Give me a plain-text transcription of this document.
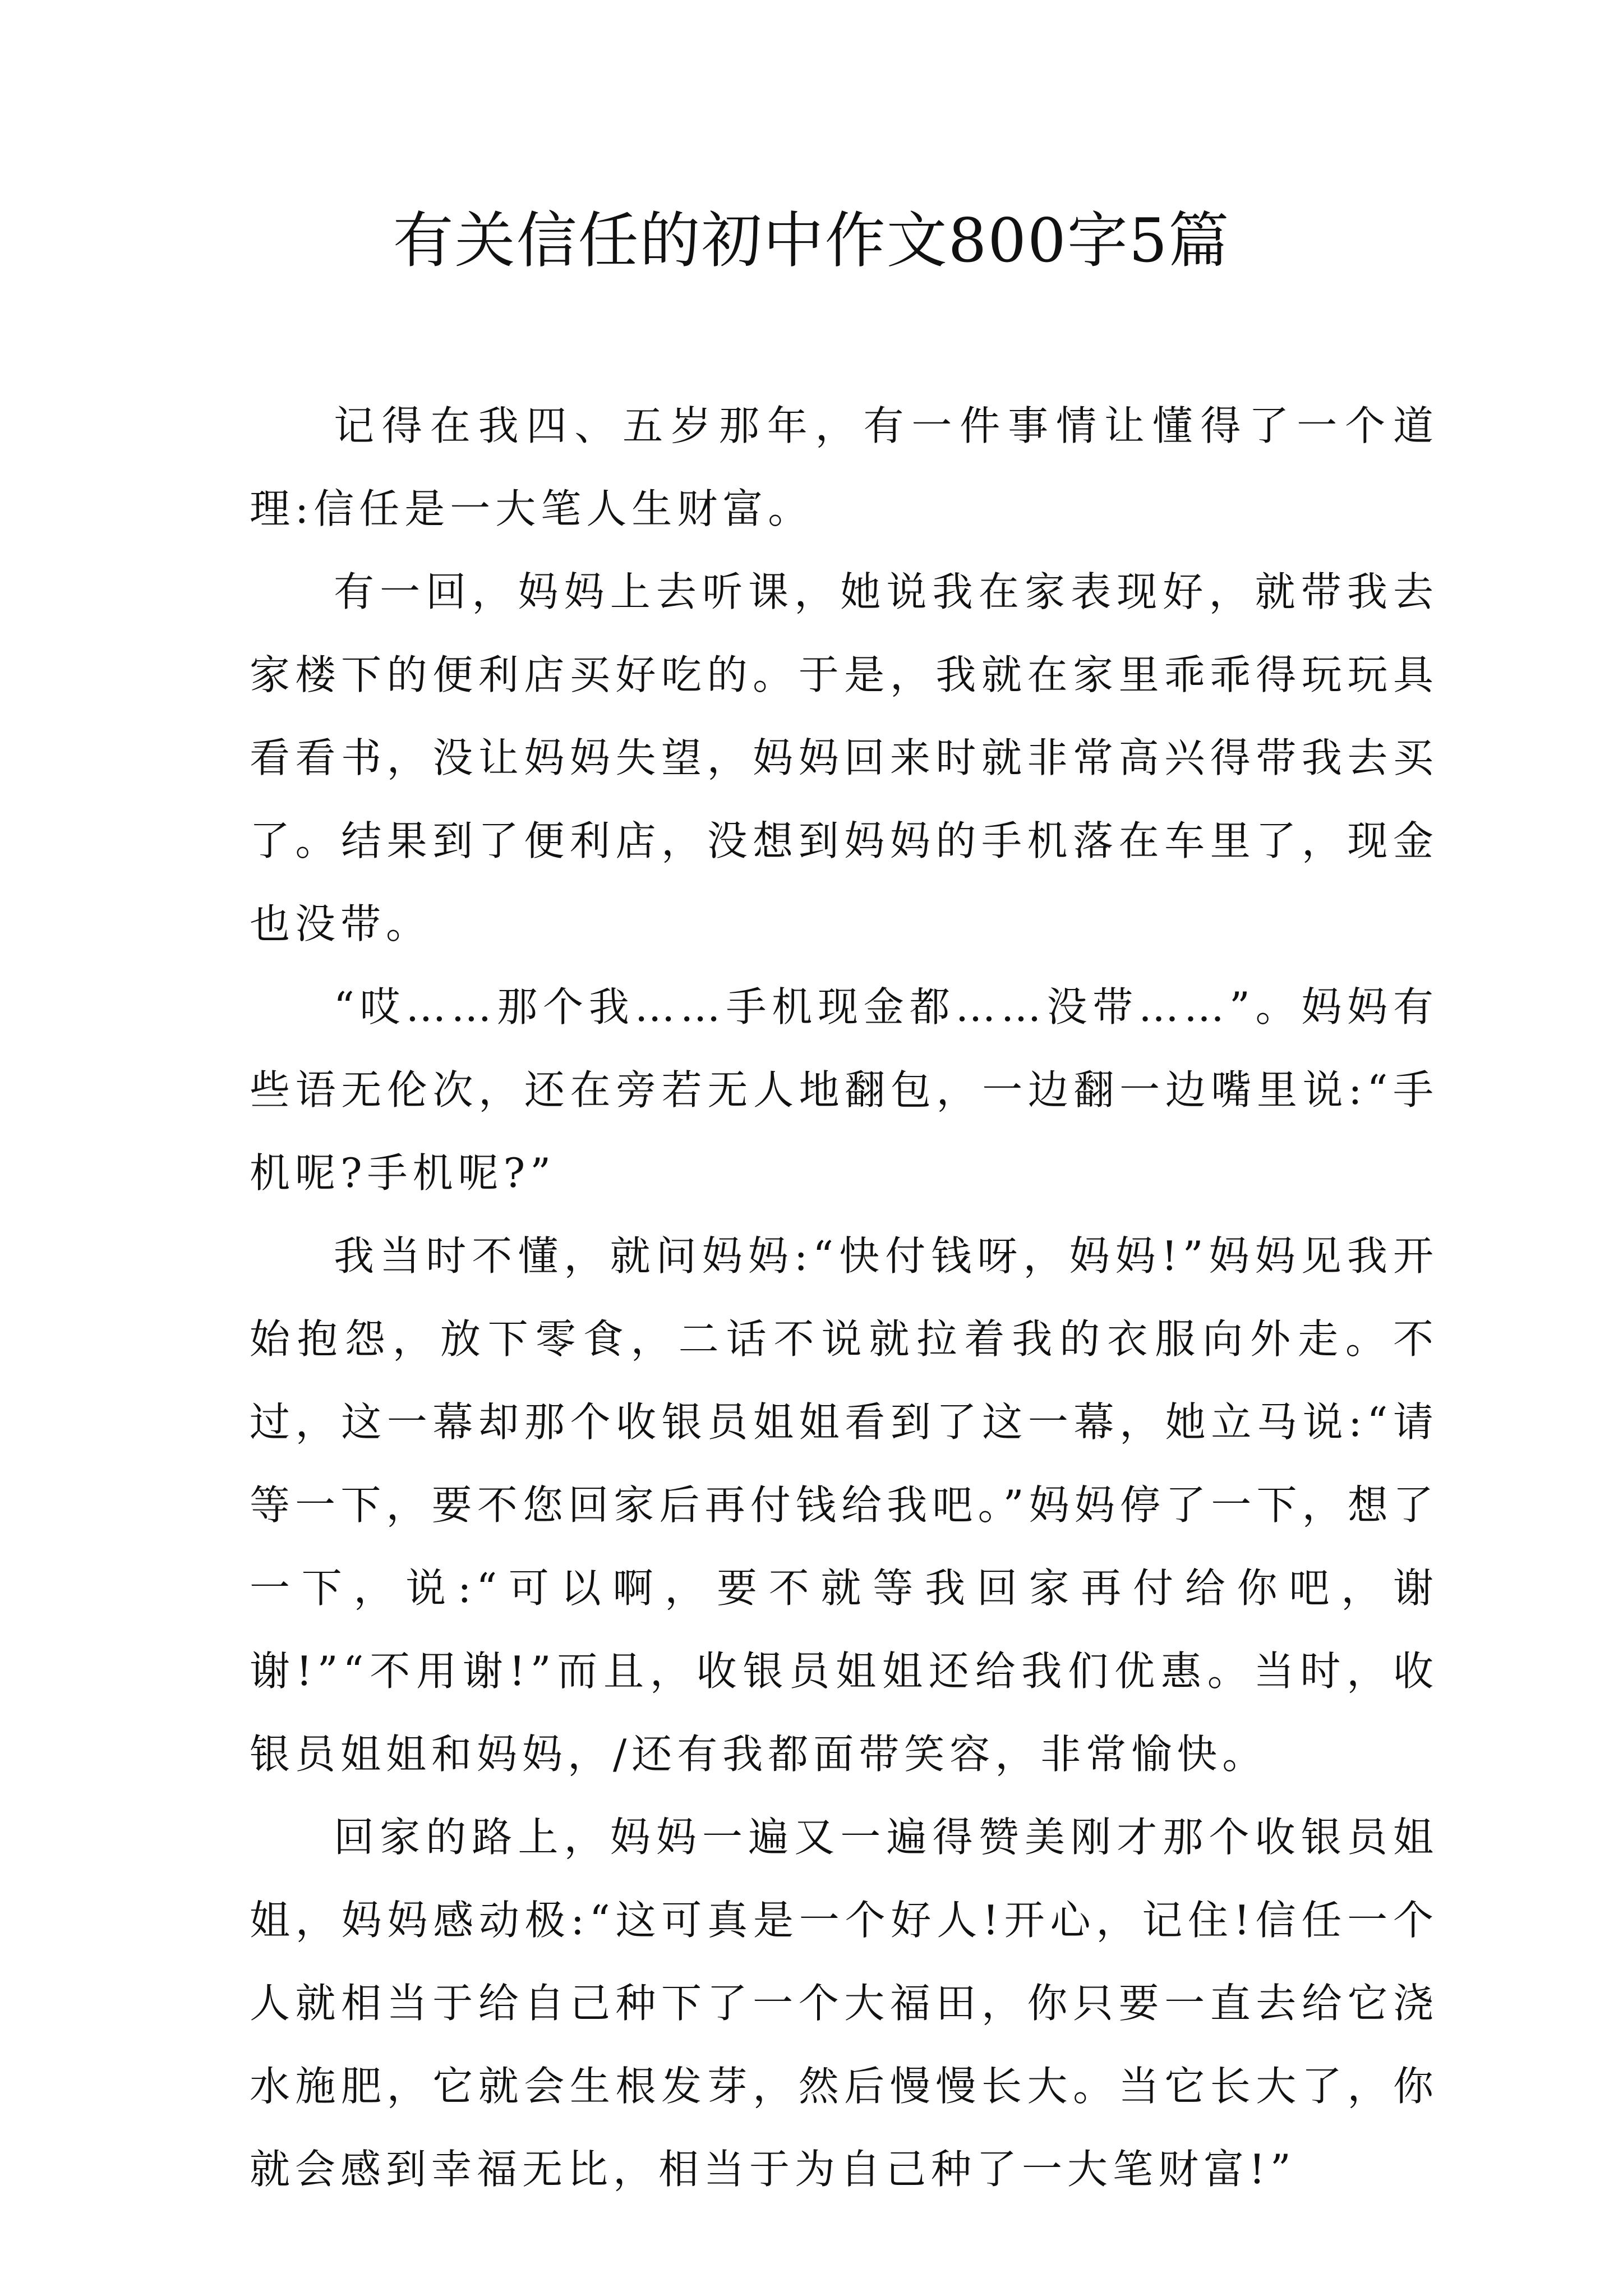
有关信任的初中作文800字5篇

记得在我四、五岁那年，有一件事情让懂得了一个道理:信任是一大笔人生财富。

有一回，妈妈上去听课，她说我在家表现好，就带我去家楼下的便利店买好吃的。于是，我就在家里乖乖得玩玩具看看书，没让妈妈失望，妈妈回来时就非常高兴得带我去买了。结果到了便利店，没想到妈妈的手机落在车里了，现金也没带。

“哎……那个我……手机现金都……没带……”。妈妈有些语无伦次，还在旁若无人地翻包，一边翻一边嘴里说:“手机呢?手机呢?”

我当时不懂，就问妈妈:“快付钱呀，妈妈!”妈妈见我开始抱怨，放下零食，二话不说就拉着我的衣服向外走。不过，这一幕却那个收银员姐姐看到了这一幕，她立马说:“请等一下，要不您回家后再付钱给我吧。”妈妈停了一下，想了一下，说:“可以啊，要不就等我回家再付给你吧，谢谢!”“不用谢!”而且，收银员姐姐还给我们优惠。当时，收银员姐姐和妈妈，/还有我都面带笑容，非常愉快。

回家的路上，妈妈一遍又一遍得赞美刚才那个收银员姐姐，妈妈感动极:“这可真是一个好人!开心，记住!信任一个人就相当于给自己种下了一个大福田，你只要一直去给它浇水施肥，它就会生根发芽，然后慢慢长大。当它长大了，你就会感到幸福无比，相当于为自己种了一大笔财富!”
